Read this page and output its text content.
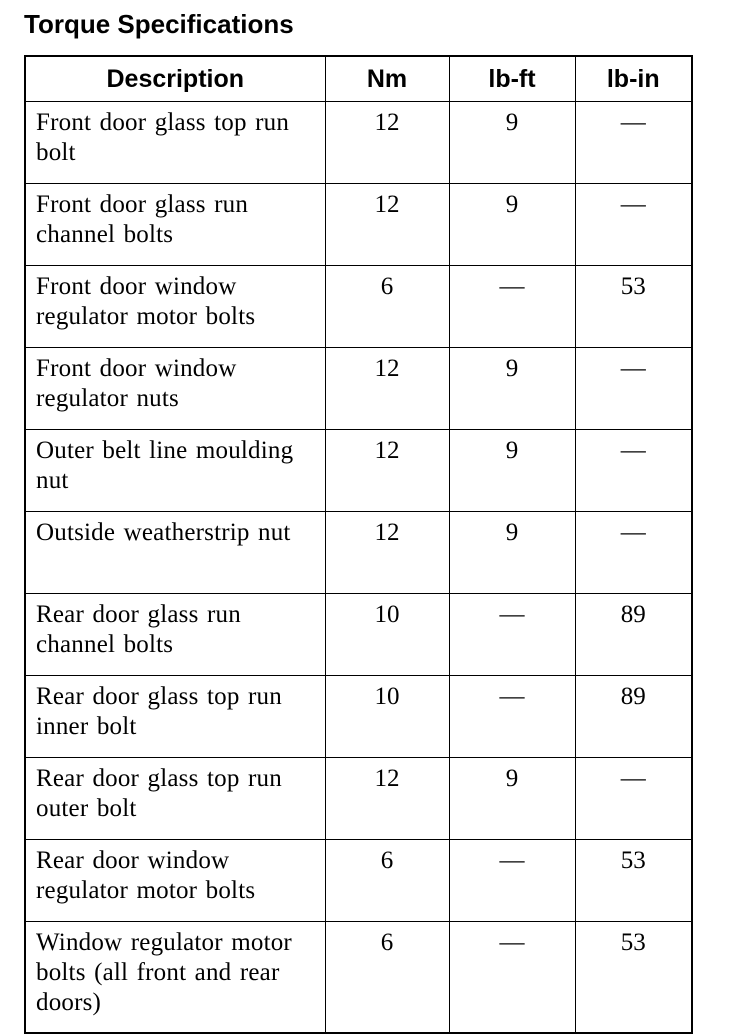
Torque Specifications
Description	Nm	lb-ft	lb-in
Front door glass top run bolt	12	9	—
Front door glass run channel bolts	12	9	—
Front door window regulator motor bolts	6	—	53
Front door window regulator nuts	12	9	—
Outer belt line moulding nut	12	9	—
Outside weatherstrip nut	12	9	—
Rear door glass run channel bolts	10	—	89
Rear door glass top run inner bolt	10	—	89
Rear door glass top run outer bolt	12	9	—
Rear door window regulator motor bolts	6	—	53
Window regulator motor bolts (all front and rear doors)	6	—	53
